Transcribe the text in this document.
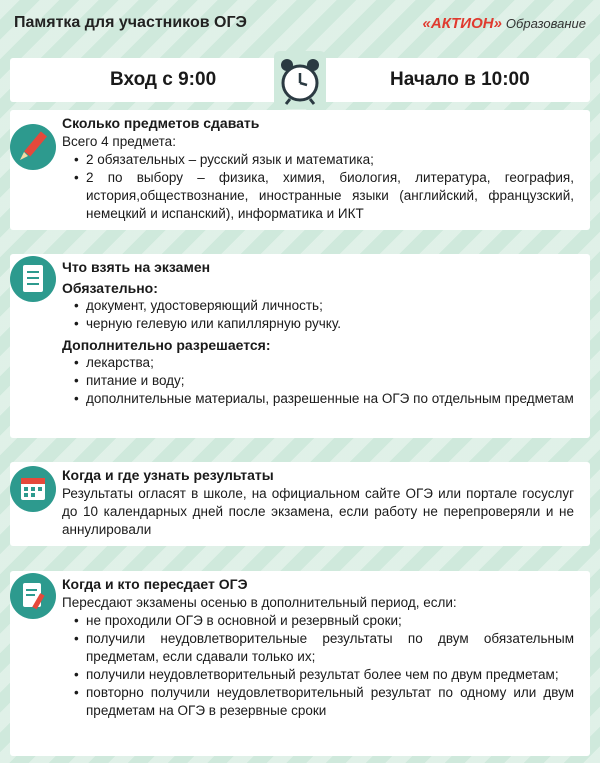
Памятка для участников ОГЭ	«АКТИОН» Образование
Вход с 9:00	Начало в 10:00
Сколько предметов сдавать
Всего 4 предмета:
• 2 обязательных – русский язык и математика;
• 2 по выбору – физика, химия, биология, литература, география, история,обществознание, иностранные языки (английский, французский, немецкий и испанский), информатика и ИКТ
Что взять на экзамен
Обязательно:
• документ, удостоверяющий личность;
• черную гелевую или капиллярную ручку.
Дополнительно разрешается:
• лекарства;
• питание и воду;
• дополнительные материалы, разрешенные на ОГЭ по отдельным предметам
Когда и где узнать результаты
Результаты огласят в школе, на официальном сайте ОГЭ или портале госуслуг до 10 календарных дней после экзамена, если работу не перепроверяли и не аннулировали
Когда и кто пересдает ОГЭ
Пересдают экзамены осенью в дополнительный период, если:
• не проходили ОГЭ в основной и резервный сроки;
• получили неудовлетворительные результаты по двум обязательным предметам, если сдавали только их;
• получили неудовлетворительный результат более чем по двум предметам;
• повторно получили неудовлетворительный результат по одному или двум предметам на ОГЭ в резервные сроки
